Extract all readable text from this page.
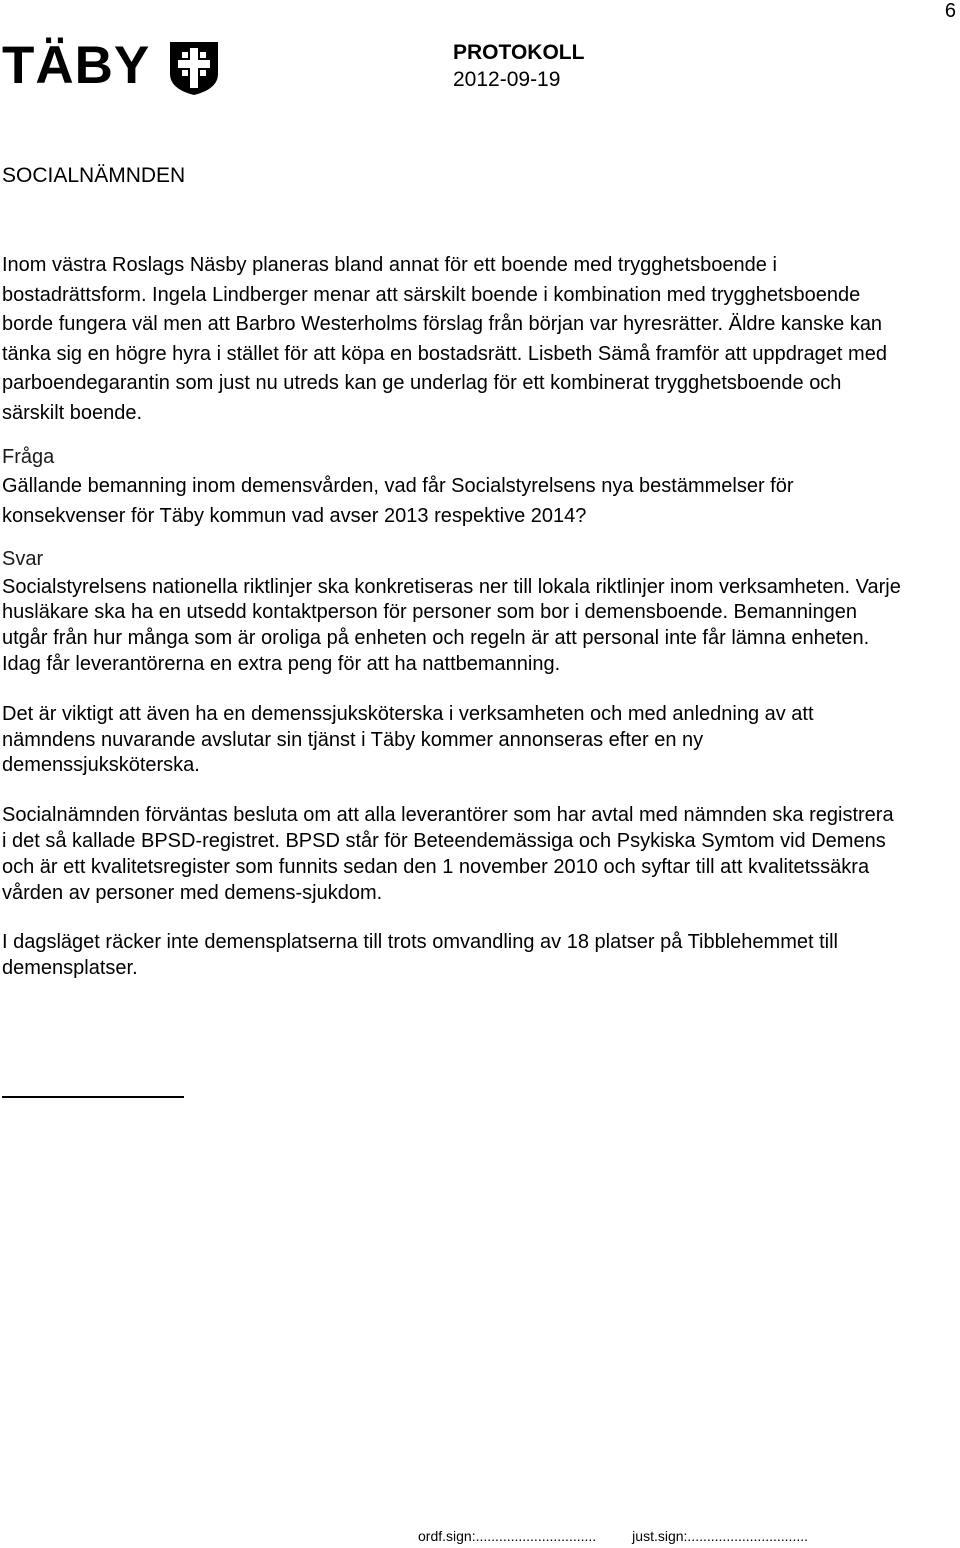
6
TÄBY	PROTOKOLL
2012-09-19
SOCIALNÄMNDEN

Inom västra Roslags Näsby planeras bland annat för ett boende med trygghetsboende i bostadrättsform. Ingela Lindberger menar att särskilt boende i kombination med trygghetsboende borde fungera väl men att Barbro Westerholms förslag från början var hyresrätter. Äldre kanske kan tänka sig en högre hyra i stället för att köpa en bostadsrätt. Lisbeth Sämå framför att uppdraget med parboendegarantin som just nu utreds kan ge underlag för ett kombinerat trygghetsboende och särskilt boende.

Fråga

Gällande bemanning inom demensvården, vad får Socialstyrelsens nya bestämmelser för konsekvenser för Täby kommun vad avser 2013 respektive 2014?

Svar

Socialstyrelsens nationella riktlinjer ska konkretiseras ner till lokala riktlinjer inom verksamheten. Varje husläkare ska ha en utsedd kontaktperson för personer som bor i demensboende. Bemanningen utgår från hur många som är oroliga på enheten och regeln är att personal inte får lämna enheten. Idag får leverantörerna en extra peng för att ha nattbemanning.

Det är viktigt att även ha en demenssjuksköterska i verksamheten och med anledning av att nämndens nuvarande avslutar sin tjänst i Täby kommer annonseras efter en ny demenssjuksköterska.

Socialnämnden förväntas besluta om att alla leverantörer som har avtal med nämnden ska registrera i det så kallade BPSD-registret. BPSD står för Beteendemässiga och Psykiska Symtom vid Demens och är ett kvalitetsregister som funnits sedan den 1 november 2010 och syftar till att kvalitetssäkra vården av personer med demens-sjukdom.

I dagsläget räcker inte demensplatserna till trots omvandling av 18 platser på Tibblehemmet till demensplatser.

ordf.sign:...............................	just.sign:...............................
